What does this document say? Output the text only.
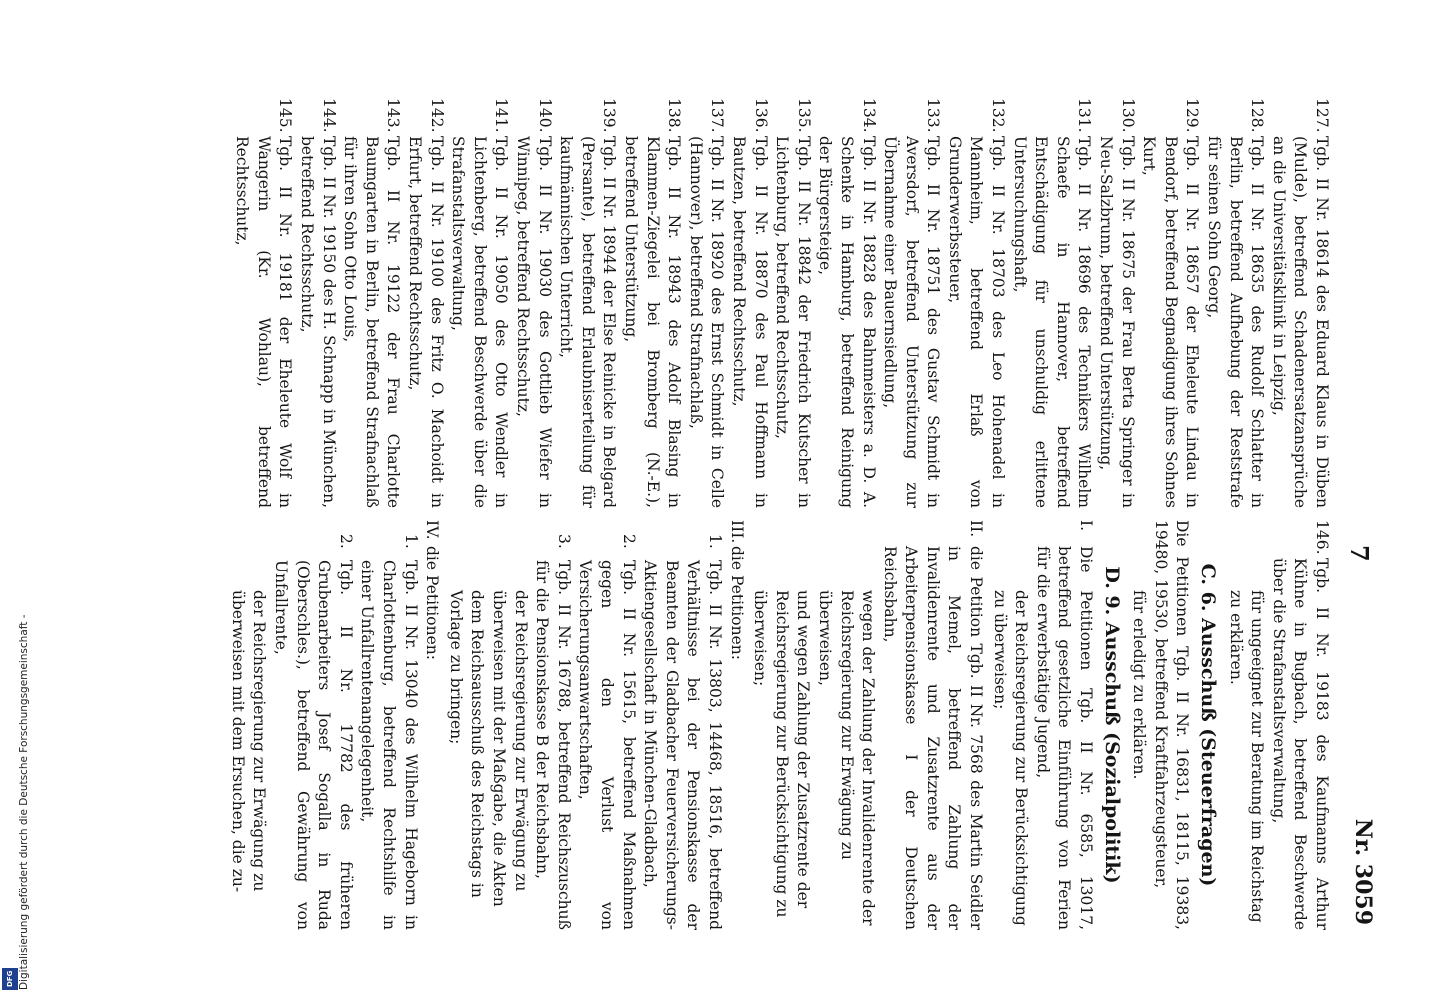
7
Nr. 3059
127.
Tgb. II Nr. 18614 des Eduard Klaus in Düben (Mulde), betreffend Schadenersatzansprüche an die Universitätsklinik in Leipzig,
128.
Tgb. II Nr. 18635 des Rudolf Schlatter in Berlin, betreffend Aufhebung der Reststrafe für seinen Sohn Georg,
129.
Tgb. II Nr. 18657 der Eheleute Lindau in Bendorf, betreffend Begnadigung ihres Sohnes Kurt,
130.
Tgb. II Nr. 18675 der Frau Berta Springer in Neu-Salzbrunn, betreffend Unterstützung,
131.
Tgb. II Nr. 18696 des Technikers Wilhelm Schaefe in Hannover, betreffend Entschädigung für unschuldig erlittene Untersuchungshaft,
132.
Tgb. II Nr. 18703 des Leo Hohenadel in Mannheim, betreffend Erlaß von Grunderwerbssteuer,
133.
Tgb. II Nr. 18751 des Gustav Schmidt in Aversdorf, betreffend Unterstützung zur Übernahme einer Bauernsiedlung,
134.
Tgb. II Nr. 18828 des Bahnmeisters a. D. A. Schenke in Hamburg, betreffend Reinigung der Bürgersteige,
135.
Tgb. II Nr. 18842 der Friedrich Kutscher in Lichtenburg, betreffend Rechtsschutz,
136.
Tgb. II Nr. 18870 des Paul Hoffmann in Bautzen, betreffend Rechtsschutz,
137.
Tgb. II Nr. 18920 des Ernst Schmidt in Celle (Hannover), betreffend Strafnachlaß,
138.
Tgb. II Nr. 18943 des Adolf Blasing in Klammen-Ziegelei bei Bromberg (N.-E.), betreffend Unterstützung,
139.
Tgb. II Nr. 18944 der Else Reinicke in Belgard (Persante), betreffend Erlaubniserteilung für kaufmännischen Unterricht,
140.
Tgb. II Nr. 19030 des Gottlieb Wiefer in Winnipeg, betreffend Rechtsschutz,
141.
Tgb. II Nr. 19050 des Otto Wendler in Lichtenberg, betreffend Beschwerde über die Strafanstaltsverwaltung,
142.
Tgb. II Nr. 19100 des Fritz O. Machoidt in Erfurt, betreffend Rechtsschutz,
143.
Tgb. II Nr. 19122 der Frau Charlotte Baumgarten in Berlin, betreffend Strafnachlaß für ihren Sohn Otto Louis,
144.
Tgb. II Nr. 19150 des H. Schnapp in München, betreffend Rechtsschutz,
145.
Tgb. II Nr. 19181 der Eheleute Wolf in Wangerin (Kr. Wohlau), betreffend Rechtsschutz,
146.
Tgb. II Nr. 19183 des Kaufmanns Arthur Kühne in Bugbach, betreffend Beschwerde über die Strafanstaltsverwaltung,
für ungeeignet zur Beratung im Reichstag zu erklären.
C. 6. Ausschuß (Steuerfragen)
Die Petitionen Tgb. II Nr. 16831, 18115, 19383, 19480, 19530, betreffend Kraftfahrzeugsteuer,
für erledigt zu erklären.
D. 9. Ausschuß (Sozialpolitik)
I.
Die Petitionen Tgb. II Nr. 6585, 13017, betreffend gesetzliche Einführung von Ferien für die erwerbstätige Jugend,
der Reichsregierung zur Berücksichtigung zu überweisen;
II.
die Petition Tgb. II Nr. 7568 des Martin Seidler in Memel, betreffend Zahlung der Invalidenrente und Zusatzrente aus der Arbeiterpensionskasse I der Deutschen Reichsbahn,
wegen der Zahlung der Invalidenrente der Reichsregierung zur Erwägung zu überweisen,
und wegen Zahlung der Zusatzrente der Reichsregierung zur Berücksichtigung zu überweisen;
III.
die Petitionen:
1.
Tgb. II Nr. 13803, 14468, 18516, betreffend Verhältnisse bei der Pensionskasse der Beamten der Gladbacher Feuerversicherungs-Aktiengesellschaft in München-Gladbach,
2.
Tgb. II Nr. 15615, betreffend Maßnahmen gegen den Verlust von Versicherungsanwartschaften,
3.
Tgb. II Nr. 16788, betreffend Reichszuschuß für die Pensionskasse B der Reichsbahn,
der Reichsregierung zur Erwägung zu überweisen mit der Maßgabe, die Akten dem Reichsausschuß des Reichstags in Vorlage zu bringen;
IV.
die Petitionen:
1.
Tgb. II Nr. 13040 des Wilhelm Hageborn in Charlottenburg, betreffend Rechtshilfe in einer Unfallrentenangelegenheit,
2.
Tgb. II Nr. 17782 des früheren Grubenarbeiters Josef Sogalla in Ruda (Oberschles.), betreffend Gewährung von Unfallrente,
der Reichsregierung zur Erwägung zu überweisen mit dem Ersuchen, die zu-
Digitalisierung gefördert durch die Deutsche Forschungsgemeinschaft -
DFG
